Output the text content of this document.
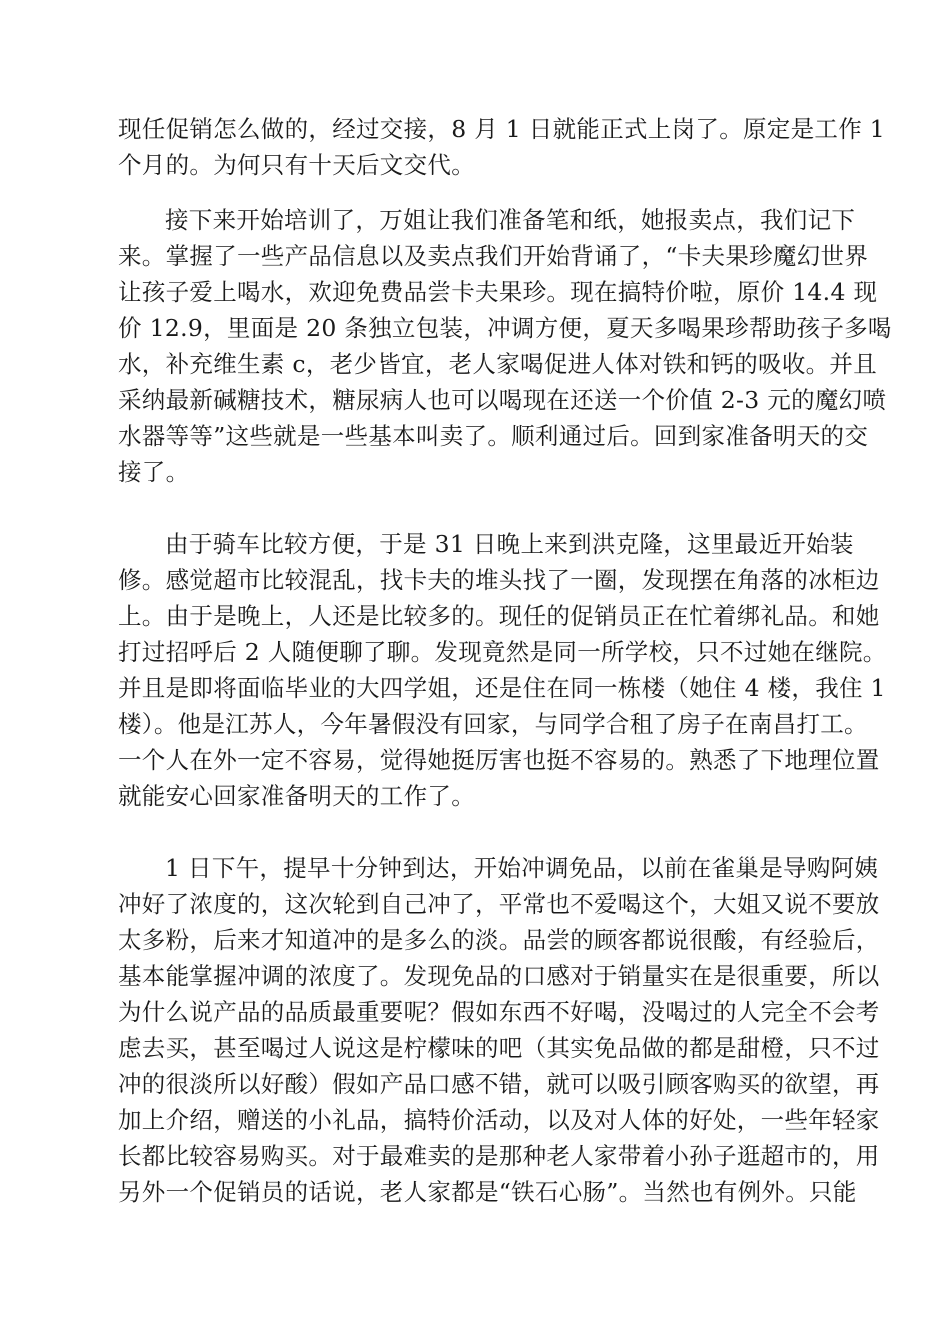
现任促销怎么做的，经过交接，8 月 1 日就能正式上岗了。原定是工作 1
个月的。为何只有十天后文交代。
接下来开始培训了，万姐让我们准备笔和纸，她报卖点，我们记下
来。掌握了一些产品信息以及卖点我们开始背诵了，“卡夫果珍魔幻世界
让孩子爱上喝水，欢迎免费品尝卡夫果珍。现在搞特价啦，原价 14.4 现
价 12.9，里面是 20 条独立包装，冲调方便，夏天多喝果珍帮助孩子多喝
水，补充维生素 c，老少皆宜，老人家喝促进人体对铁和钙的吸收。并且
采纳最新碱糖技术，糖尿病人也可以喝现在还送一个价值 2-3 元的魔幻喷
水器等等”这些就是一些基本叫卖了。顺利通过后。回到家准备明天的交
接了。
由于骑车比较方便，于是 31 日晚上来到洪克隆，这里最近开始装
修。感觉超市比较混乱，找卡夫的堆头找了一圈，发现摆在角落的冰柜边
上。由于是晚上，人还是比较多的。现任的促销员正在忙着绑礼品。和她
打过招呼后 2 人随便聊了聊。发现竟然是同一所学校，只不过她在继院。
并且是即将面临毕业的大四学姐，还是住在同一栋楼（她住 4 楼，我住 1
楼）。他是江苏人，今年暑假没有回家，与同学合租了房子在南昌打工。
一个人在外一定不容易，觉得她挺厉害也挺不容易的。熟悉了下地理位置
就能安心回家准备明天的工作了。
1 日下午，提早十分钟到达，开始冲调免品，以前在雀巢是导购阿姨
冲好了浓度的，这次轮到自己冲了，平常也不爱喝这个，大姐又说不要放
太多粉，后来才知道冲的是多么的淡。品尝的顾客都说很酸，有经验后，
基本能掌握冲调的浓度了。发现免品的口感对于销量实在是很重要，所以
为什么说产品的品质最重要呢？假如东西不好喝，没喝过的人完全不会考
虑去买，甚至喝过人说这是柠檬味的吧（其实免品做的都是甜橙，只不过
冲的很淡所以好酸）假如产品口感不错，就可以吸引顾客购买的欲望，再
加上介绍，赠送的小礼品，搞特价活动，以及对人体的好处，一些年轻家
长都比较容易购买。对于最难卖的是那种老人家带着小孙子逛超市的，用
另外一个促销员的话说，老人家都是“铁石心肠”。当然也有例外。只能
